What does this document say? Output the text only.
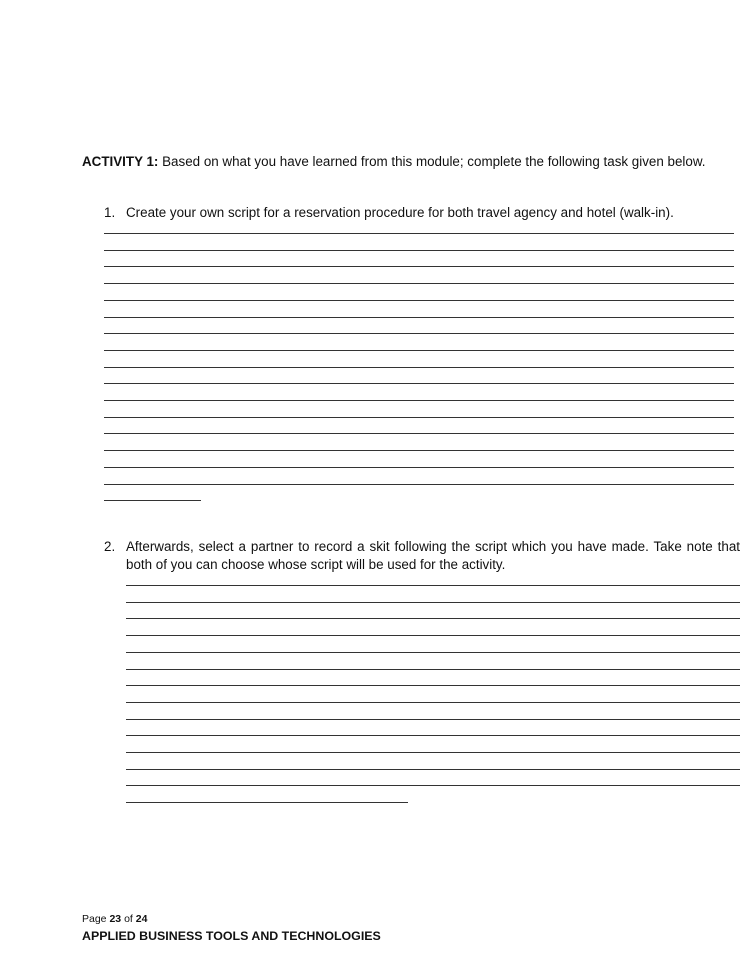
ACTIVITY 1: Based on what you have learned from this module; complete the following task given below.

1. Create your own script for a reservation procedure for both travel agency and hotel (walk-in).
2. Afterwards, select a partner to record a skit following the script which you have made. Take note that both of you can choose whose script will be used for the activity.
Page 23 of 24
APPLIED BUSINESS TOOLS AND TECHNOLOGIES
